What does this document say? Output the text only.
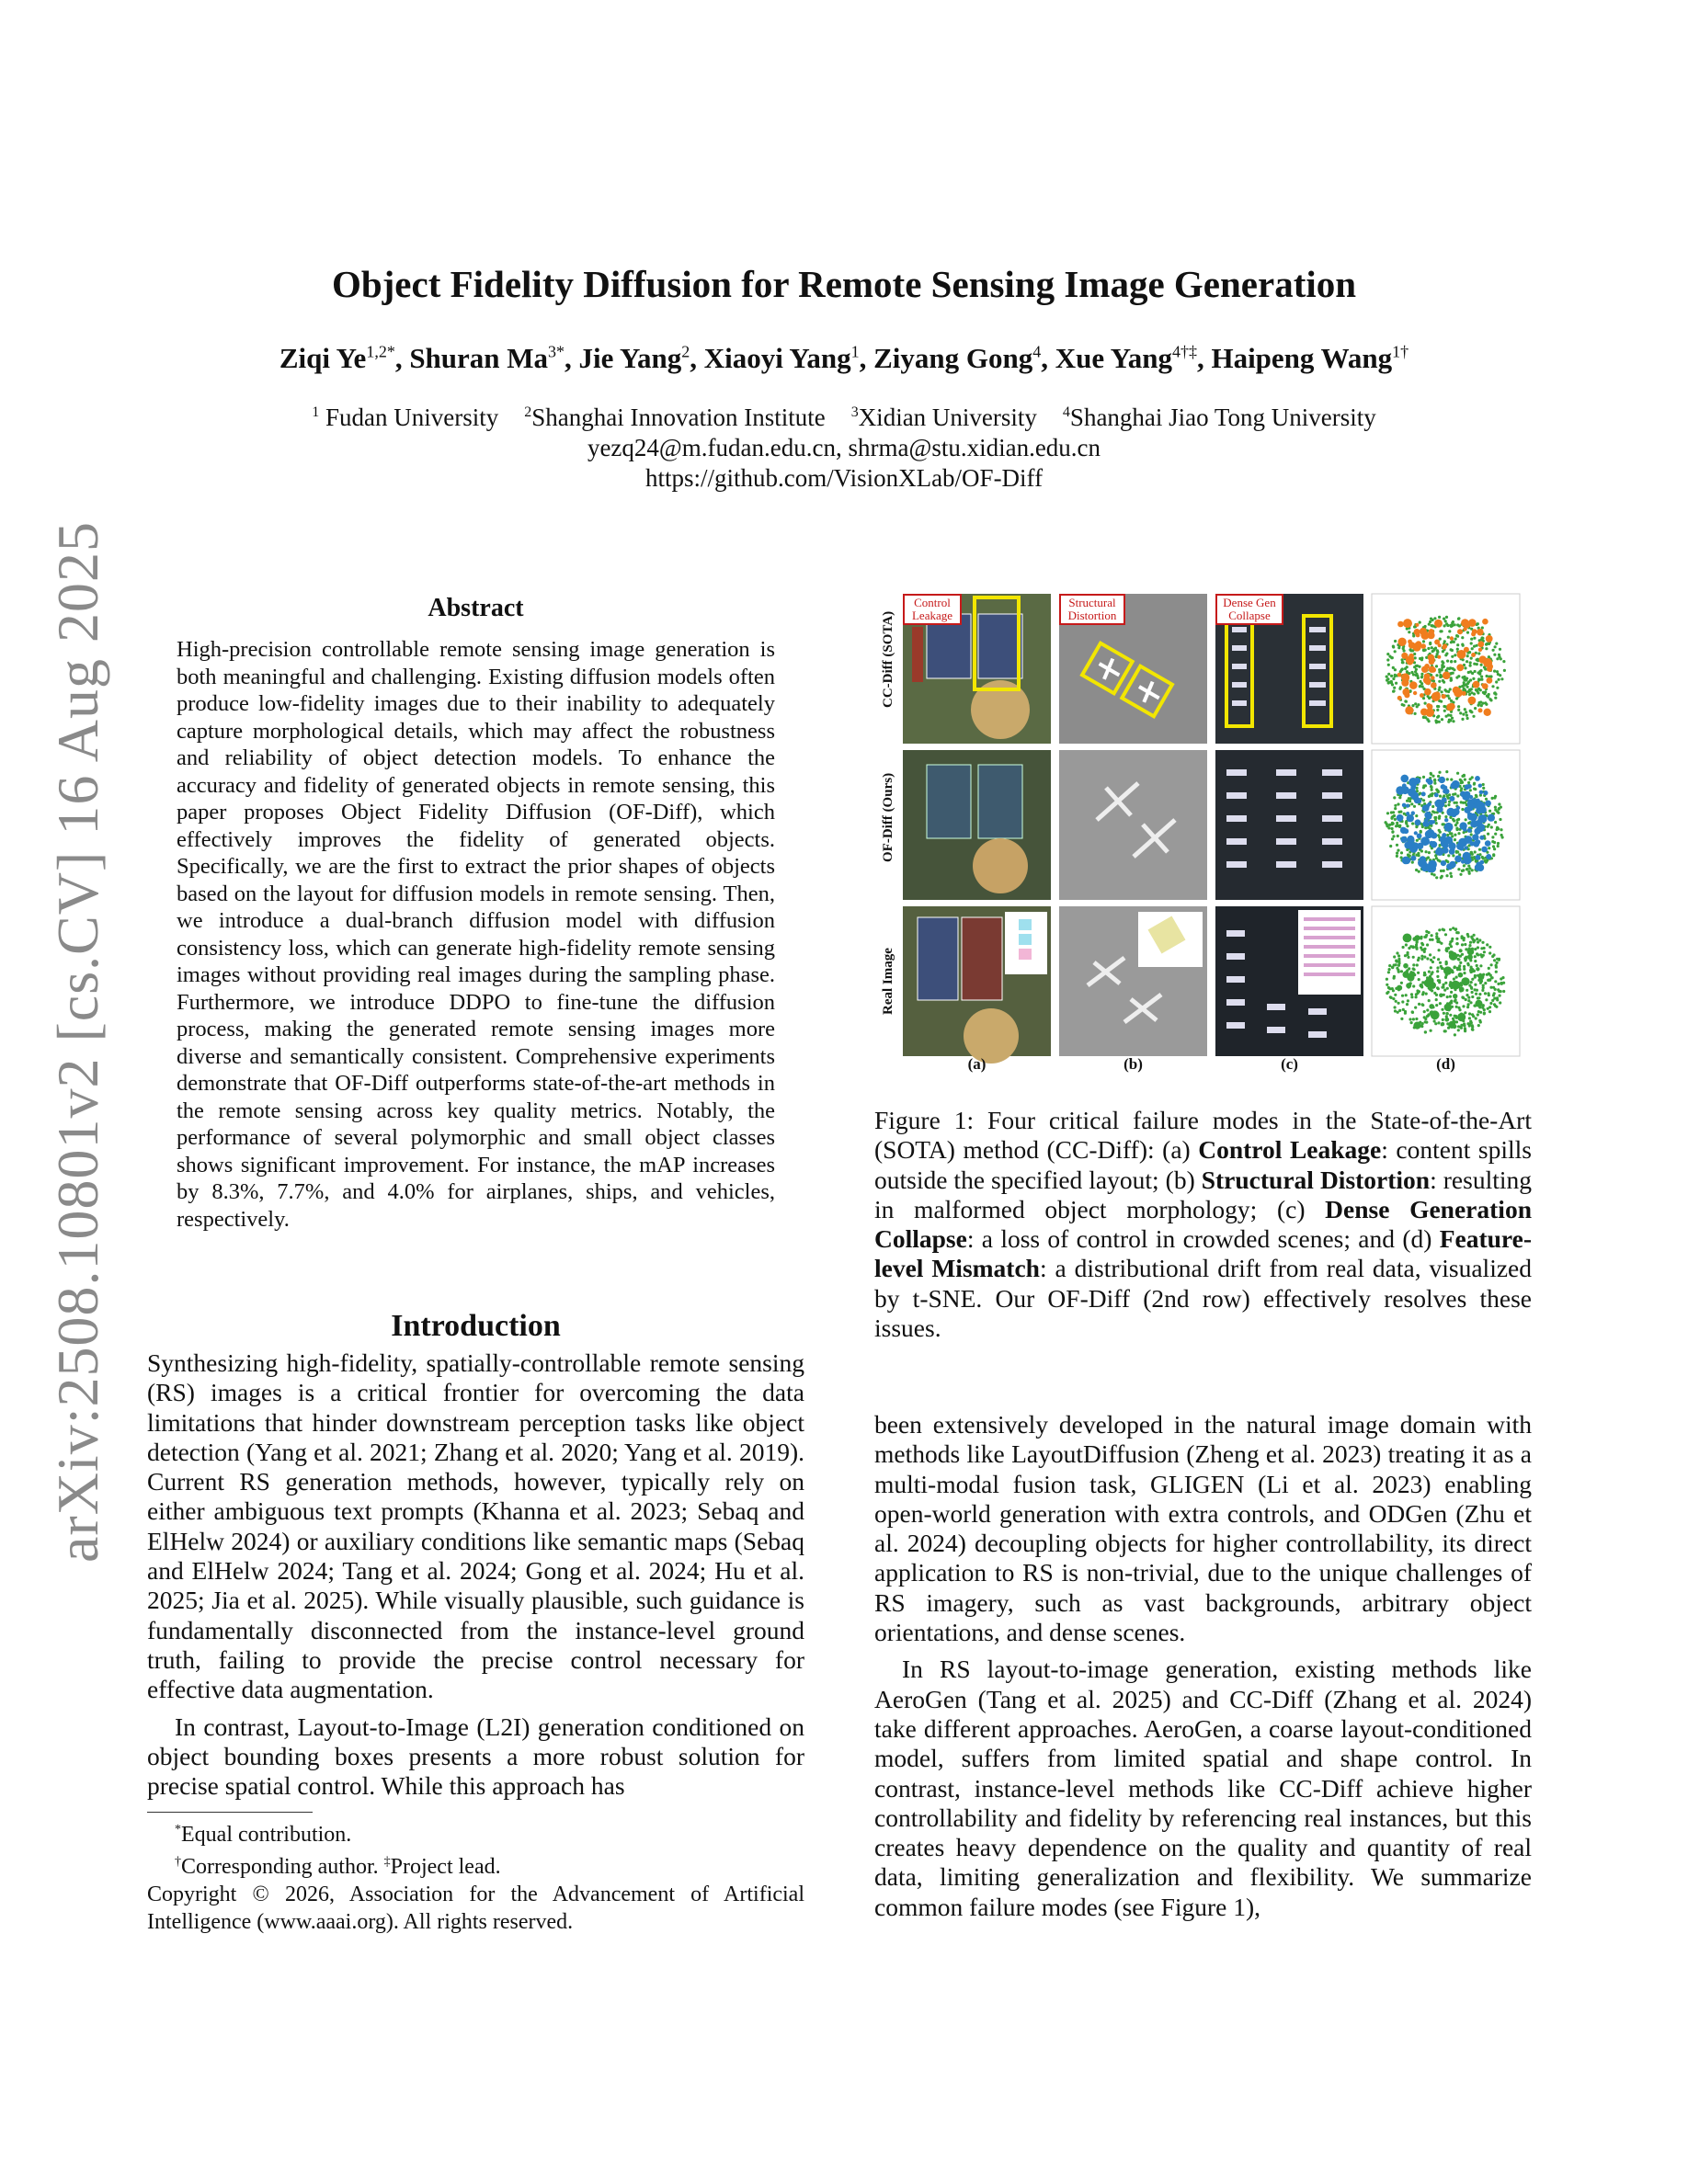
Object Fidelity Diffusion for Remote Sensing Image Generation
Ziqi $Ye^{1,2*}$, Shuran $Ma^{3*}$, Jie Yang$^2$, Xiaoyi Yang$^1$, Ziyang Gong$^4$, Xue Yang$^{4\dagger\ddagger}$, Haipeng Wang$^{1\dagger}$
$^1$ Fudan University $^2$Shanghai Innovation Institute $^3$Xidian University $^4$Shanghai Jiao Tong University
yezq24@m.fudan.edu.cn, shrma@stu.xidian.edu.cn
https://github.com/VisionXLab/OF-Diff
arXiv:2508.10801v2 [cs.CV] 16 Aug 2025	Abstract
High-precision controllable remote sensing image generation is both meaningful and challenging. Existing diffusion models often produce low-fidelity images due to their inability to adequately capture morphological details, which may affect the robustness and reliability of object detection models. To enhance the accuracy and fidelity of generated objects in remote sensing, this paper proposes Object Fidelity Diffusion (OF-Diff), which effectively improves the fidelity of generated objects. Specifically, we are the first to extract the prior shapes of objects based on the layout for diffusion models in remote sensing. Then, we introduce a dual-branch diffusion model with diffusion consistency loss, which can generate high-fidelity remote sensing images without providing real images during the sampling phase. Furthermore, we introduce DDPO to fine-tune the diffusion process, making the generated remote sensing images more diverse and semantically consistent. Comprehensive experiments demonstrate that OF-Diff outperforms state-of-the-art methods in the remote sensing across key quality metrics. Notably, the performance of several polymorphic and small object classes shows significant improvement. For instance, the mAP increases by 8.3%, 7.7%, and 4.0% for airplanes, ships, and vehicles, respectively.
Introduction

Synthesizing high-fidelity, spatially-controllable remote sensing (RS) images is a critical frontier for overcoming the data limitations that hinder downstream perception tasks like object detection (Yang et al. 2021; Zhang et al. 2020; Yang et al. 2019). Current RS generation methods, however, typically rely on either ambiguous text prompts (Khanna et al. 2023; Sebaq and ElHelw 2024) or auxiliary conditions like semantic maps (Sebaq and ElHelw 2024; Tang et al. 2024; Gong et al. 2024; Hu et al. 2025; Jia et al. 2025). While visually plausible, such guidance is fundamentally disconnected from the instance-level ground truth, failing to provide the precise control necessary for effective data augmentation.

In contrast, Layout-to-Image (L2I) generation conditioned on object bounding boxes presents a more robust solution for precise spatial control. While this approach has

*Equal contribution.
†Corresponding author. ‡Project lead.
Copyright © 2026, Association for the Advancement of Artificial Intelligence (www.aaai.org). All rights reserved.
Control Leakage
Structural Distortion
Dense Gen Collapse
CC-Diff (SOTA)
OF-Diff (Ours)
Real Image
(a)	(b)	(c)	(d)
Figure 1: Four critical failure modes in the State-of-the-Art (SOTA) method (CC-Diff): (a) Control Leakage: content spills outside the specified layout; (b) Structural Distortion: resulting in malformed object morphology; (c) Dense Generation Collapse: a loss of control in crowded scenes; and (d) Feature-level Mismatch: a distributional drift from real data, visualized by t-SNE. Our OF-Diff (2nd row) effectively resolves these issues.

been extensively developed in the natural image domain with methods like LayoutDiffusion (Zheng et al. 2023) treating it as a multi-modal fusion task, GLIGEN (Li et al. 2023) enabling open-world generation with extra controls, and ODGen (Zhu et al. 2024) decoupling objects for higher controllability, its direct application to RS is non-trivial, due to the unique challenges of RS imagery, such as vast backgrounds, arbitrary object orientations, and dense scenes.

In RS layout-to-image generation, existing methods like AeroGen (Tang et al. 2025) and CC-Diff (Zhang et al. 2024) take different approaches. AeroGen, a coarse layout-conditioned model, suffers from limited spatial and shape control. In contrast, instance-level methods like CC-Diff achieve higher controllability and fidelity by referencing real instances, but this creates heavy dependence on the quality and quantity of real data, limiting generalization and flexibility. We summarize common failure modes (see Figure 1),
